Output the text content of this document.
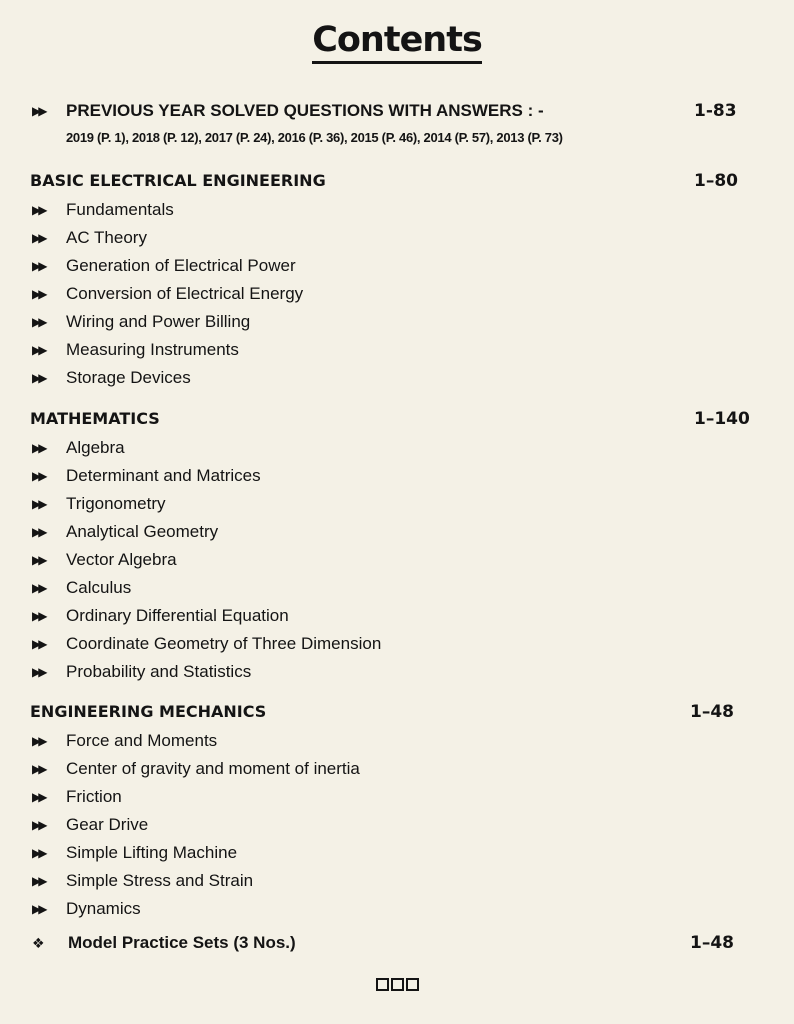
Contents
▶▶ PREVIOUS YEAR SOLVED QUESTIONS WITH ANSWERS : -	1-83
2019 (P. 1), 2018 (P. 12), 2017 (P. 24), 2016 (P. 36), 2015 (P. 46), 2014 (P. 57), 2013 (P. 73)
BASIC ELECTRICAL ENGINEERING	1–80
▶▶ Fundamentals
▶▶ AC Theory
▶▶ Generation of Electrical Power
▶▶ Conversion of Electrical Energy
▶▶ Wiring and Power Billing
▶▶ Measuring Instruments
▶▶ Storage Devices
MATHEMATICS	1–140
▶▶ Algebra
▶▶ Determinant and Matrices
▶▶ Trigonometry
▶▶ Analytical Geometry
▶▶ Vector Algebra
▶▶ Calculus
▶▶ Ordinary Differential Equation
▶▶ Coordinate Geometry of Three Dimension
▶▶ Probability and Statistics
ENGINEERING MECHANICS	1–48
▶▶ Force and Moments
▶▶ Center of gravity and moment of inertia
▶▶ Friction
▶▶ Gear Drive
▶▶ Simple Lifting Machine
▶▶ Simple Stress and Strain
▶▶ Dynamics
❖ Model Practice Sets (3 Nos.)	1–48
